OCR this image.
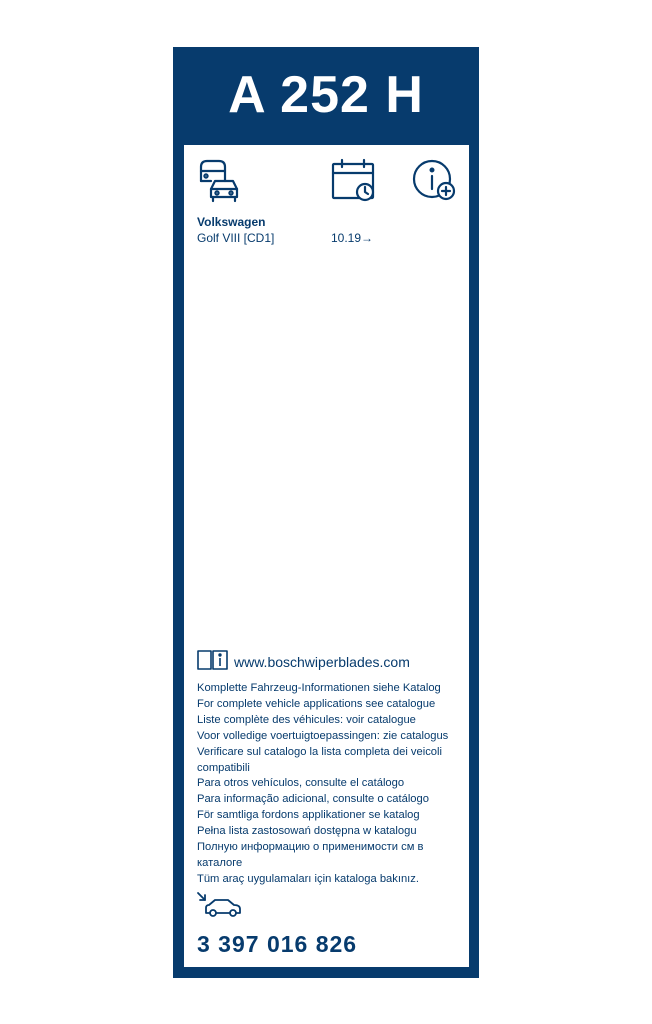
A 252 H
Volkswagen
Golf VIII [CD1]	10.19→
www.boschwiperblades.com
Komplette Fahrzeug-Informationen siehe Katalog
For complete vehicle applications see catalogue
Liste complète des véhicules: voir catalogue
Voor volledige voertuigtoepassingen: zie catalogus
Verificare sul catalogo la lista completa dei veicoli
compatibili
Para otros vehículos, consulte el catálogo
Para informação adicional, consulte o catálogo
För samtliga fordons applikationer se katalog
Pełna lista zastosowań dostępna w katalogu
Полную информацию о применимости см в каталоге
Tüm araç uygulamaları için kataloga bakınız.
3 397 016 826
